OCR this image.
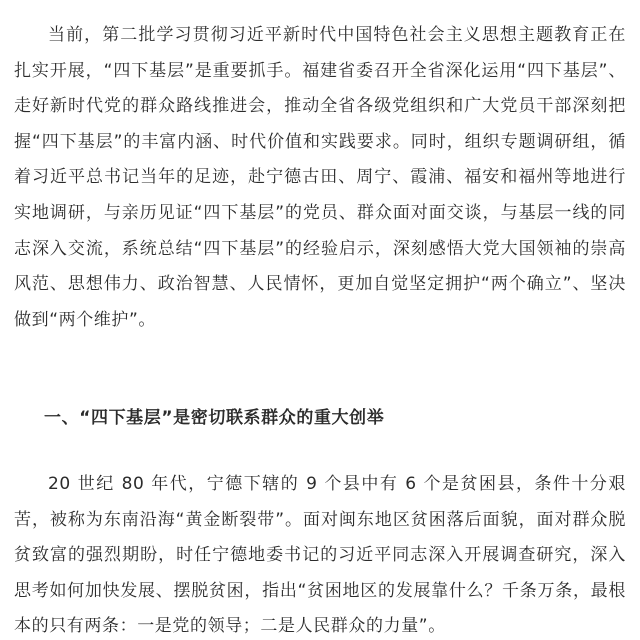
当前，第二批学习贯彻习近平新时代中国特色社会主义思想主题教育正在扎实开展，“四下基层”是重要抓手。福建省委召开全省深化运用“四下基层”、走好新时代党的群众路线推进会，推动全省各级党组织和广大党员干部深刻把握“四下基层”的丰富内涵、时代价值和实践要求。同时，组织专题调研组，循着习近平总书记当年的足迹，赴宁德古田、周宁、霞浦、福安和福州等地进行实地调研，与亲历见证“四下基层”的党员、群众面对面交谈，与基层一线的同志深入交流，系统总结“四下基层”的经验启示，深刻感悟大党大国领袖的崇高风范、思想伟力、政治智慧、人民情怀，更加自觉坚定拥护“两个确立”、坚决做到“两个维护”。

一、“四下基层”是密切联系群众的重大创举

20 世纪 80 年代，宁德下辖的 9 个县中有 6 个是贫困县，条件十分艰苦，被称为东南沿海“黄金断裂带”。面对闽东地区贫困落后面貌，面对群众脱贫致富的强烈期盼，时任宁德地委书记的习近平同志深入开展调查研究，深入思考如何加快发展、摆脱贫困，指出“贫困地区的发展靠什么？千条万条，最根本的只有两条：一是党的领导；二是人民群众的力量”。
